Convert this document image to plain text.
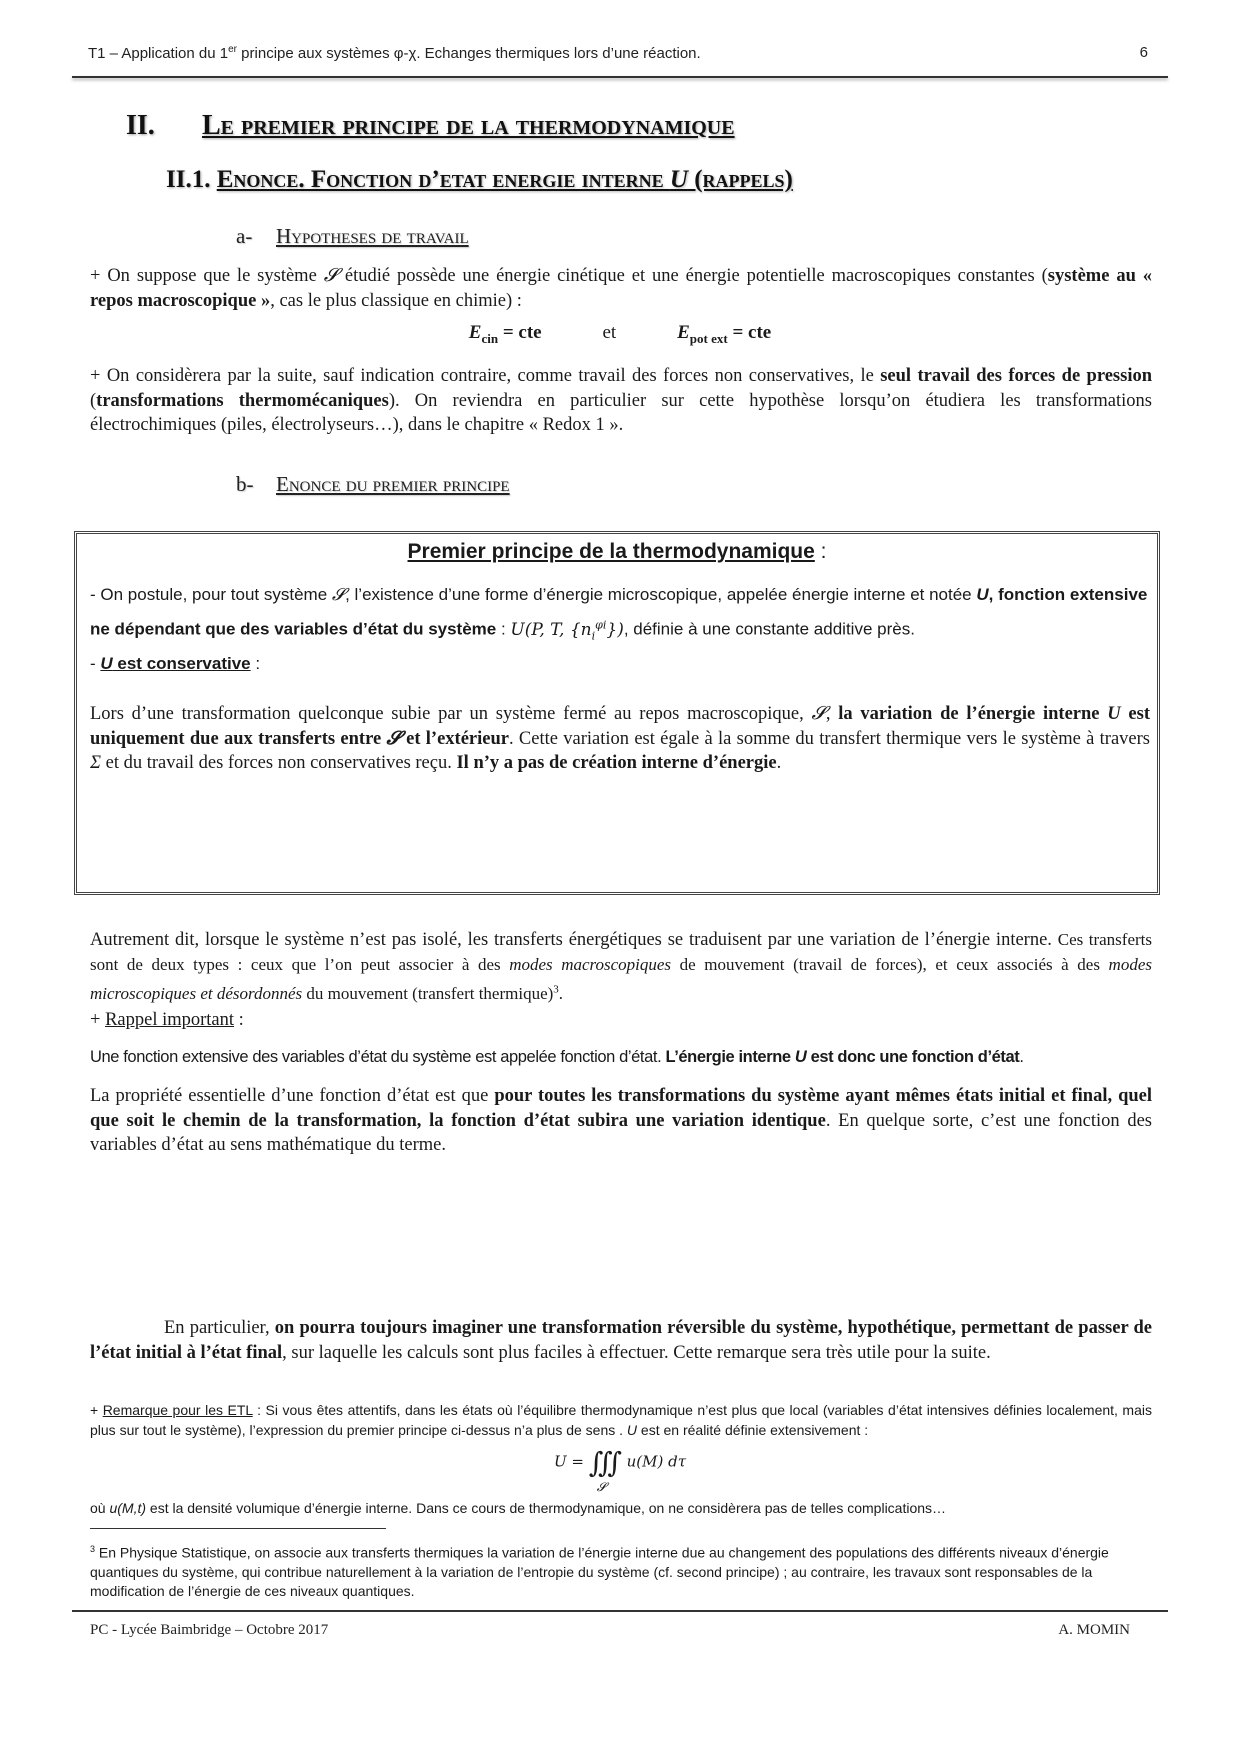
T1 – Application du 1er principe aux systèmes φ-χ. Echanges thermiques lors d’une réaction.	6
II. Le premier principe de la thermodynamique
II.1. Enonce. Fonction d’etat energie interne U (rappels)
a- Hypotheses de travail
+ On suppose que le système 𝓢 étudié possède une énergie cinétique et une énergie potentielle macroscopiques constantes (système au « repos macroscopique », cas le plus classique en chimie) :
$E_{cin}$ = cte	et	$E_{pot ext}$ = cte
+ On considèrera par la suite, sauf indication contraire, comme travail des forces non conservatives, le seul travail des forces de pression (transformations thermomécaniques). On reviendra en particulier sur cette hypothèse lorsqu’on étudiera les transformations électrochimiques (piles, électrolyseurs…), dans le chapitre « Redox 1 ».
b- Enonce du premier principe
Premier principe de la thermodynamique :
- On postule, pour tout système 𝓢, l’existence d’une forme d’énergie microscopique, appelée énergie interne et notée U, fonction extensive ne dépendant que des variables d’état du système : U(P, T, $\{n_i^{\varphi i}\}$), définie à une constante additive près.
- U est conservative :
Lors d’une transformation quelconque subie par un système fermé au repos macroscopique, 𝓢, la variation de l’énergie interne U est uniquement due aux transferts entre 𝓢 et l’extérieur. Cette variation est égale à la somme du transfert thermique vers le système à travers Σ et du travail des forces non conservatives reçu. Il n’y a pas de création interne d’énergie.
Autrement dit, lorsque le système n’est pas isolé, les transferts énergétiques se traduisent par une variation de l’énergie interne. Ces transferts sont de deux types : ceux que l’on peut associer à des modes macroscopiques de mouvement (travail de forces), et ceux associés à des modes microscopiques et désordonnés du mouvement (transfert thermique)$^3$.
+ Rappel important :
Une fonction extensive des variables d’état du système est appelée fonction d’état. L’énergie interne U est donc une fonction d’état.
La propriété essentielle d’une fonction d’état est que pour toutes les transformations du système ayant mêmes états initial et final, quel que soit le chemin de la transformation, la fonction d’état subira une variation identique. En quelque sorte, c’est une fonction des variables d’état au sens mathématique du terme.
En particulier, on pourra toujours imaginer une transformation réversible du système, hypothétique, permettant de passer de l’état initial à l’état final, sur laquelle les calculs sont plus faciles à effectuer. Cette remarque sera très utile pour la suite.
+ Remarque pour les ETL : Si vous êtes attentifs, dans les états où l’équilibre thermodynamique n’est plus que local (variables d’état intensives définies localement, mais plus sur tout le système), l’expression du premier principe ci-dessus n’a plus de sens . U est en réalité définie extensivement :
U = ∭
𝓢
u(M) dτ
où u(M,t) est la densité volumique d’énergie interne. Dans ce cours de thermodynamique, on ne considèrera pas de telles complications…
$^3$ En Physique Statistique, on associe aux transferts thermiques la variation de l’énergie interne due au changement des populations des différents niveaux d’énergie quantiques du système, qui contribue naturellement à la variation de l’entropie du système (cf. second principe) ; au contraire, les travaux sont responsables de la modification de l’énergie de ces niveaux quantiques.
PC - Lycée Baimbridge – Octobre 2017	A. MOMIN
